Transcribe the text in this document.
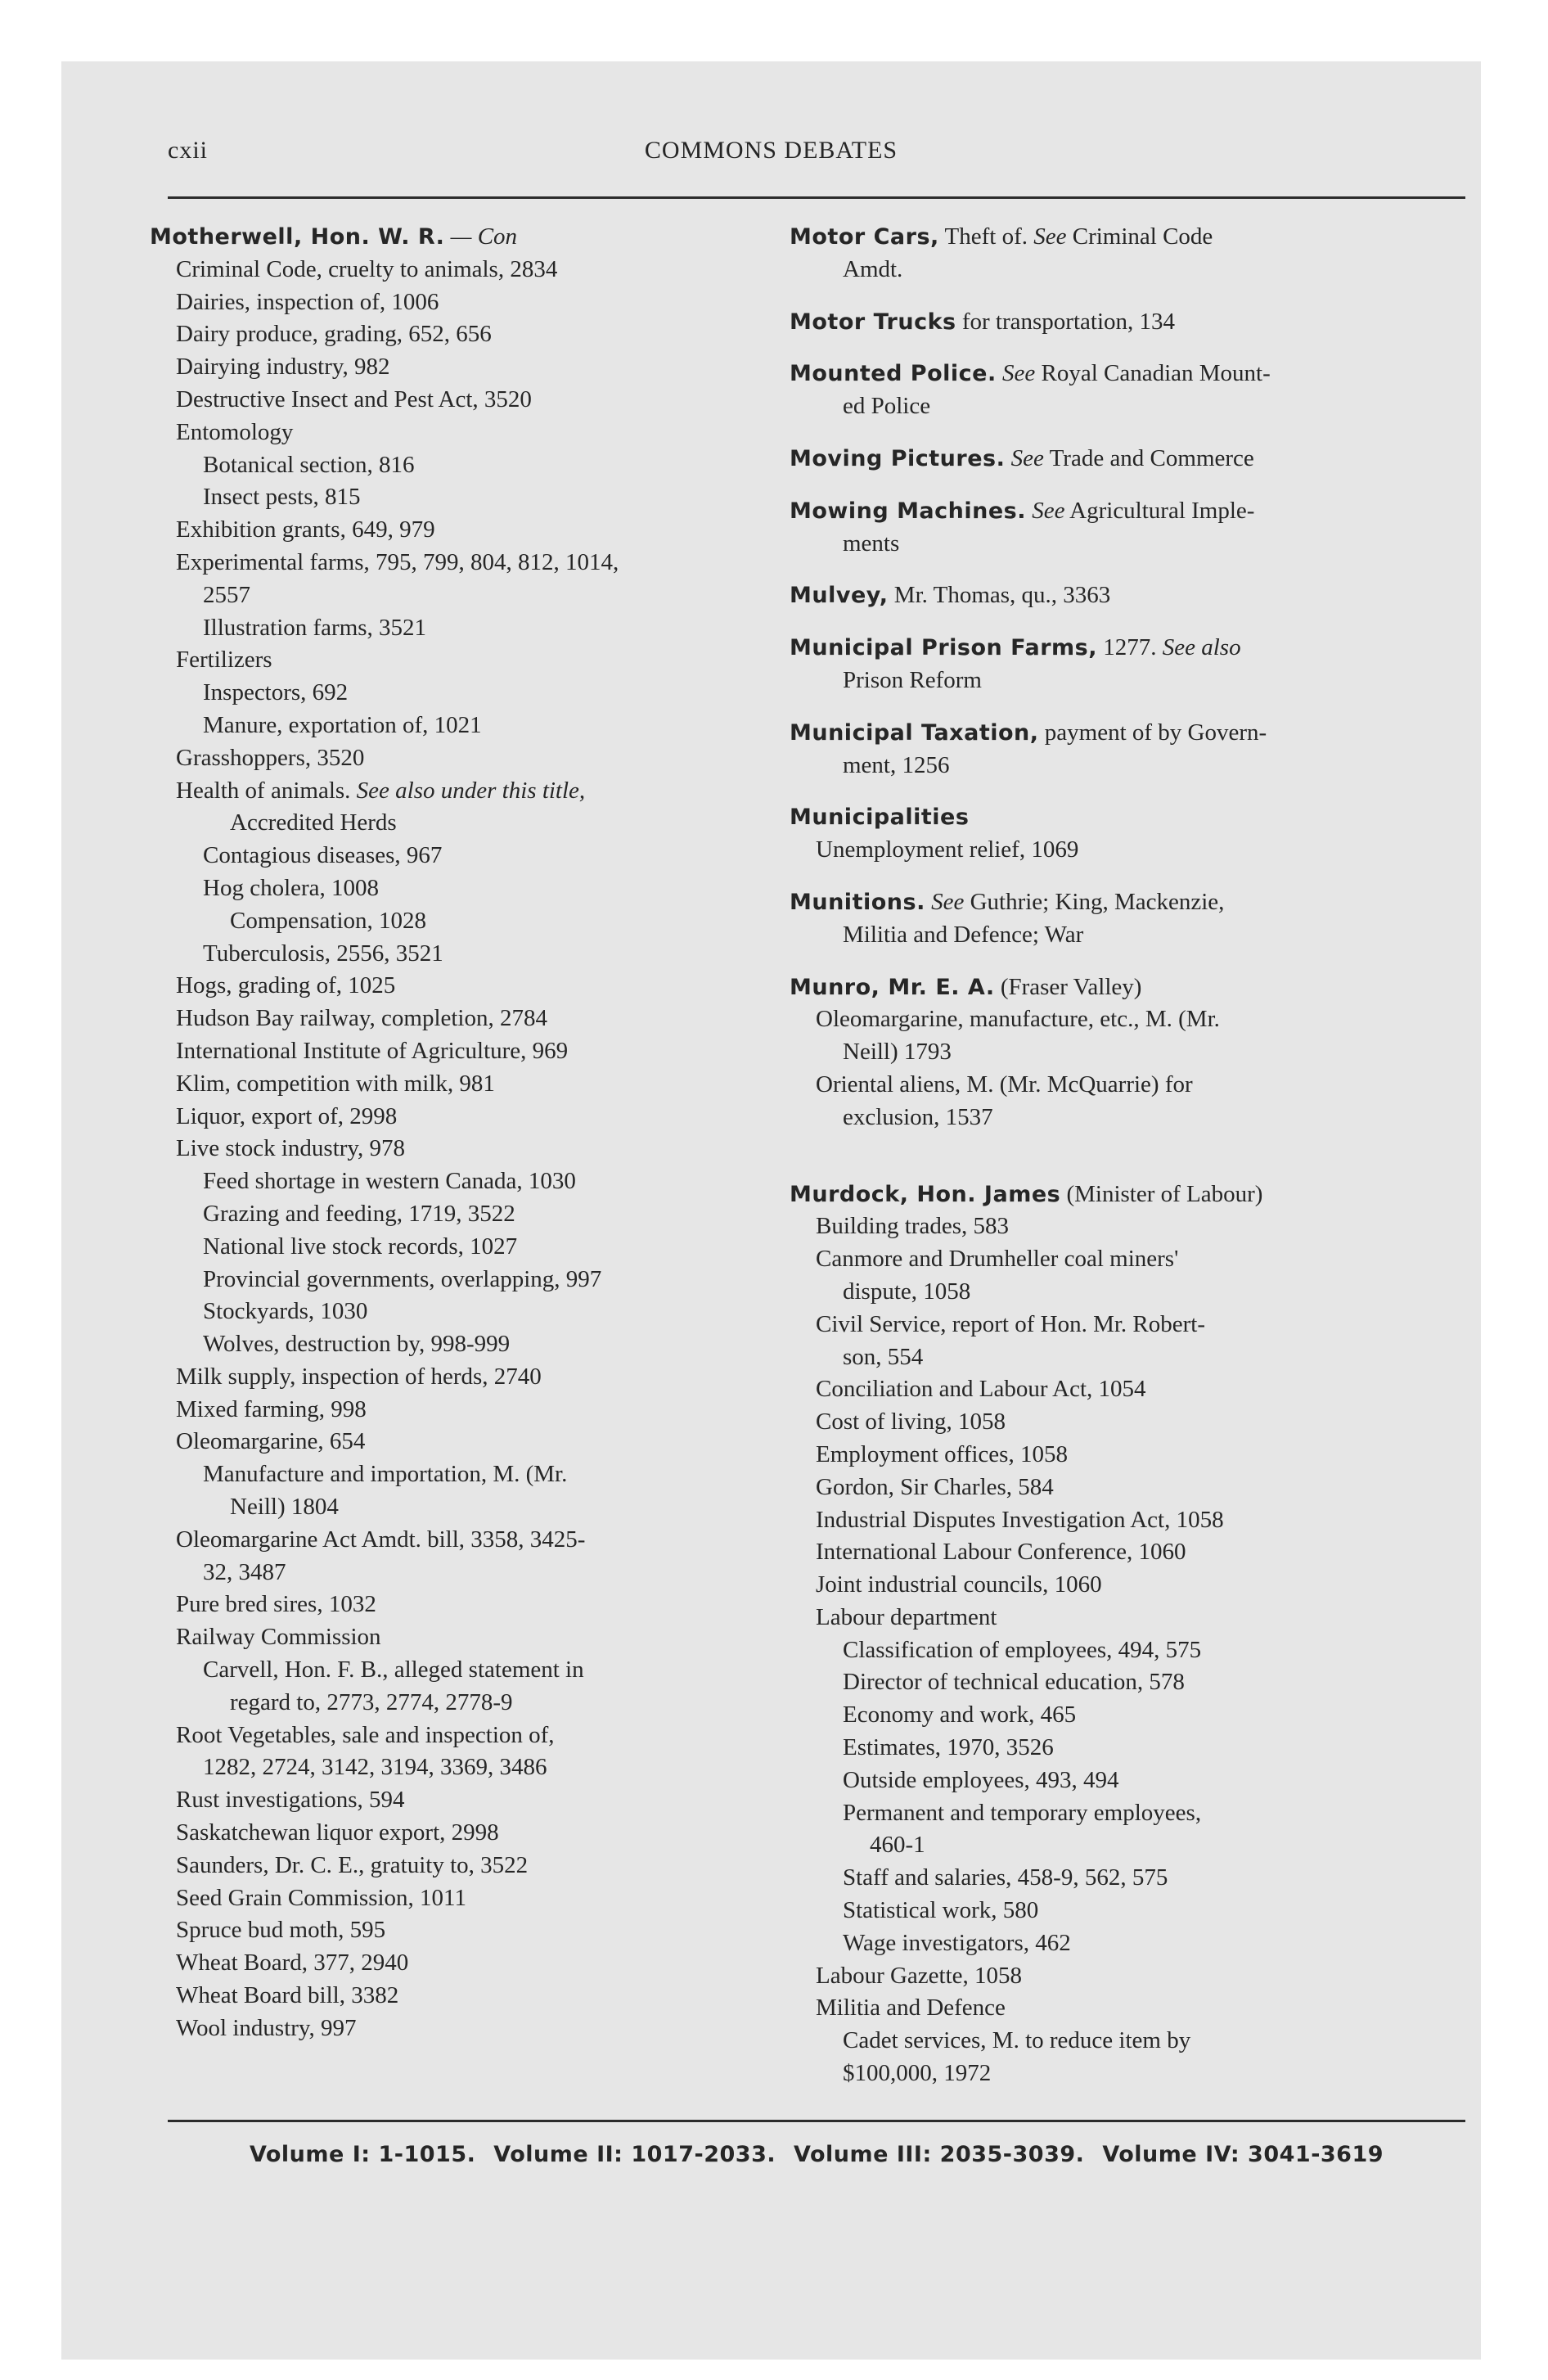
cxii	COMMONS DEBATES
Motherwell, Hon. W. R. — Con
Criminal Code, cruelty to animals, 2834
Dairies, inspection of, 1006
Dairy produce, grading, 652, 656
Dairying industry, 982
Destructive Insect and Pest Act, 3520
Entomology
Botanical section, 816
Insect pests, 815
Exhibition grants, 649, 979
Experimental farms, 795, 799, 804, 812, 1014,
2557
Illustration farms, 3521
Fertilizers
Inspectors, 692
Manure, exportation of, 1021
Grasshoppers, 3520
Health of animals. See also under this title,
Accredited Herds
Contagious diseases, 967
Hog cholera, 1008
Compensation, 1028
Tuberculosis, 2556, 3521
Hogs, grading of, 1025
Hudson Bay railway, completion, 2784
International Institute of Agriculture, 969
Klim, competition with milk, 981
Liquor, export of, 2998
Live stock industry, 978
Feed shortage in western Canada, 1030
Grazing and feeding, 1719, 3522
National live stock records, 1027
Provincial governments, overlapping, 997
Stockyards, 1030
Wolves, destruction by, 998-999
Milk supply, inspection of herds, 2740
Mixed farming, 998
Oleomargarine, 654
Manufacture and importation, M. (Mr.
Neill) 1804
Oleomargarine Act Amdt. bill, 3358, 3425-
32, 3487
Pure bred sires, 1032
Railway Commission
Carvell, Hon. F. B., alleged statement in
regard to, 2773, 2774, 2778-9
Root Vegetables, sale and inspection of,
1282, 2724, 3142, 3194, 3369, 3486
Rust investigations, 594
Saskatchewan liquor export, 2998
Saunders, Dr. C. E., gratuity to, 3522
Seed Grain Commission, 1011
Spruce bud moth, 595
Wheat Board, 377, 2940
Wheat Board bill, 3382
Wool industry, 997
Motor Cars, Theft of. See Criminal Code
Amdt.
Motor Trucks for transportation, 134
Mounted Police. See Royal Canadian Mount-
ed Police
Moving Pictures. See Trade and Commerce
Mowing Machines. See Agricultural Imple-
ments
Mulvey, Mr. Thomas, qu., 3363
Municipal Prison Farms, 1277. See also
Prison Reform
Municipal Taxation, payment of by Govern-
ment, 1256
Municipalities
Unemployment relief, 1069
Munitions. See Guthrie; King, Mackenzie,
Militia and Defence; War
Munro, Mr. E. A. (Fraser Valley)
Oleomargarine, manufacture, etc., M. (Mr.
Neill) 1793
Oriental aliens, M. (Mr. McQuarrie) for
exclusion, 1537
Murdock, Hon. James (Minister of Labour)
Building trades, 583
Canmore and Drumheller coal miners'
dispute, 1058
Civil Service, report of Hon. Mr. Robert-
son, 554
Conciliation and Labour Act, 1054
Cost of living, 1058
Employment offices, 1058
Gordon, Sir Charles, 584
Industrial Disputes Investigation Act, 1058
International Labour Conference, 1060
Joint industrial councils, 1060
Labour department
Classification of employees, 494, 575
Director of technical education, 578
Economy and work, 465
Estimates, 1970, 3526
Outside employees, 493, 494
Permanent and temporary employees,
460-1
Staff and salaries, 458-9, 562, 575
Statistical work, 580
Wage investigators, 462
Labour Gazette, 1058
Militia and Defence
Cadet services, M. to reduce item by
$100,000, 1972
Volume I: 1-1015. Volume II: 1017-2033. Volume III: 2035-3039. Volume IV: 3041-3619
